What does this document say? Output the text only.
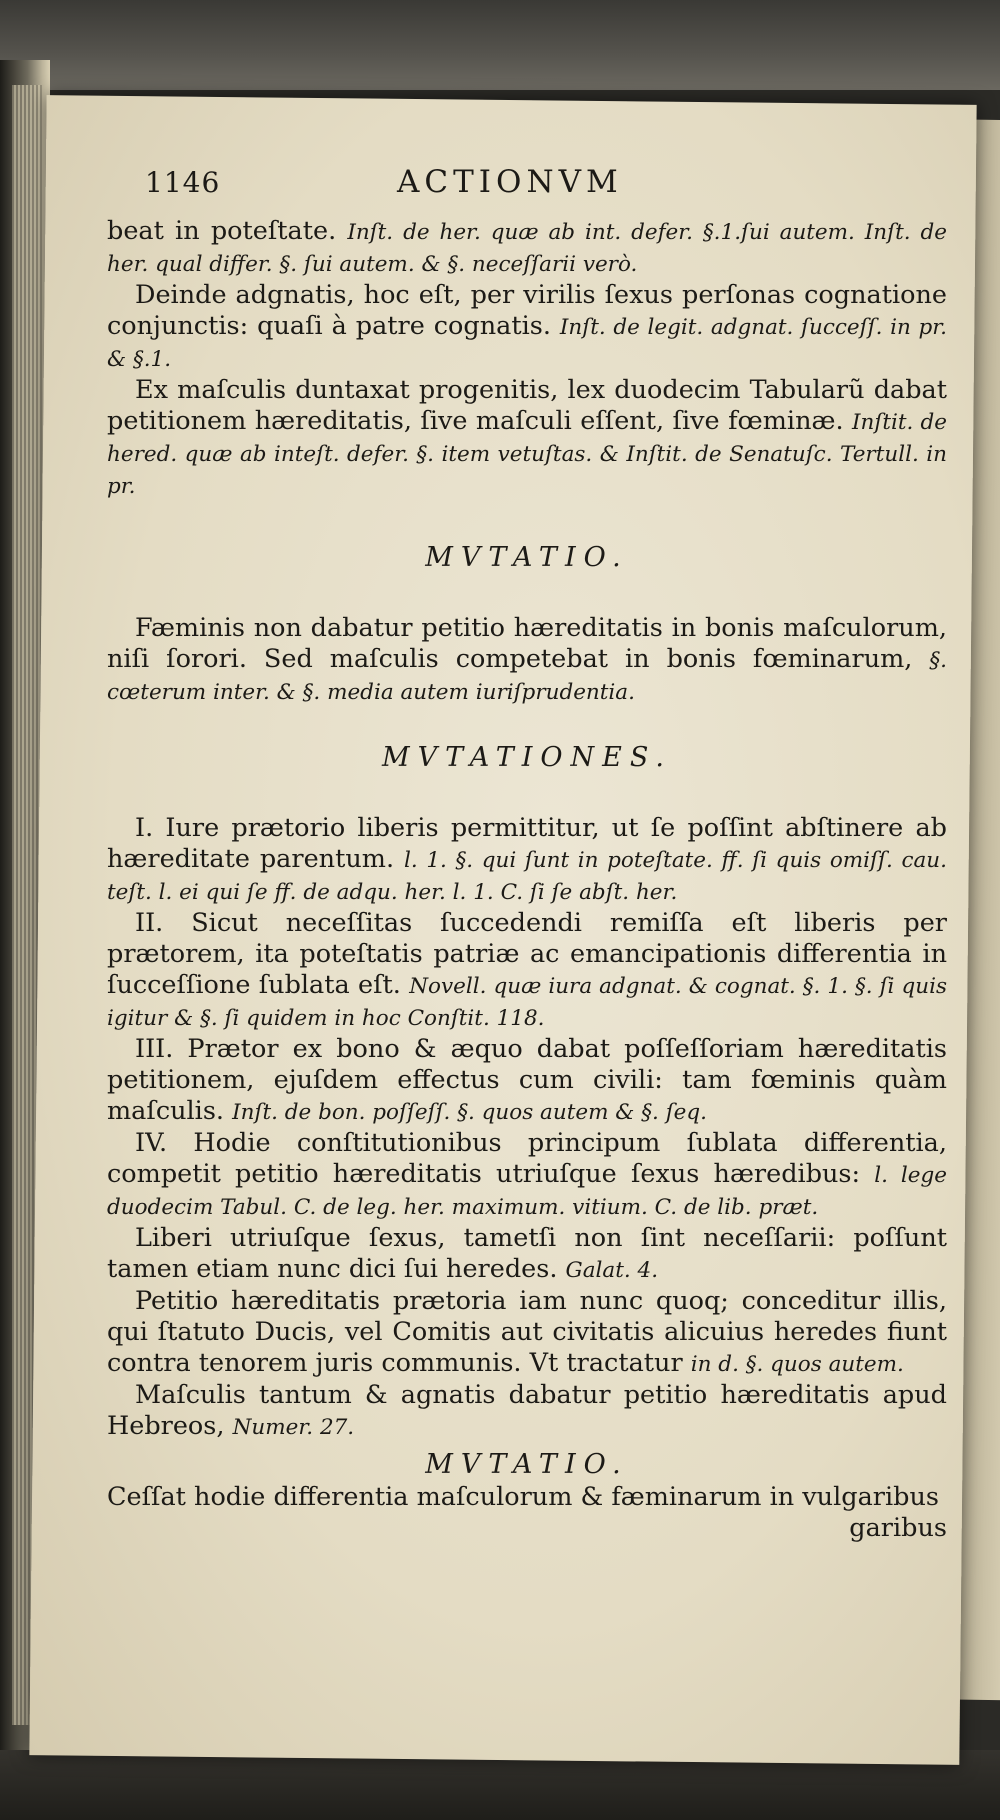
1146	ACTIONVM

beat in poteſtate. Inſt. de her. quæ ab int. defer. §.1.ſui autem. Inſt. de her. qual differ. §. ſui autem. & §. neceſſarii verò.

Deinde adgnatis, hoc eſt, per virilis ſexus perſonas cognatione conjunctis: quaſi à patre cognatis. Inſt. de legit. adgnat. ſucceſſ. in pr. & §.1.

Ex maſculis duntaxat progenitis, lex duodecim Tabularũ dabat petitionem hæreditatis, ſive maſculi eſſent, ſive fœminæ. Inſtit. de hered. quæ ab inteſt. defer. §. item vetuſtas. & Inſtit. de Senatuſc. Tertull. in pr.

MVTATIO.

Fæminis non dabatur petitio hæreditatis in bonis maſculorum, niſi ſorori. Sed maſculis competebat in bonis fœminarum, §. cœterum inter. & §. media autem iuriſprudentia.

MVTATIONES.

I. Iure prætorio liberis permittitur, ut ſe poſſint abſtinere ab hæreditate parentum. l. 1. §. qui ſunt in poteſtate. ff. ſi quis omiſſ. cau. teſt. l. ei qui ſe ff. de adqu. her. l. 1. C. ſi ſe abſt. her.

II. Sicut neceſſitas ſuccedendi remiſſa eſt liberis per prætorem, ita poteſtatis patriæ ac emancipationis differentia in ſucceſſione ſublata eſt. Novell. quæ iura adgnat. & cognat. §. 1. §. ſi quis igitur & §. ſi quidem in hoc Conſtit. 118.

III. Prætor ex bono & æquo dabat poſſeſſoriam hæreditatis petitionem, ejuſdem effectus cum civili: tam fœminis quàm maſculis. Inſt. de bon. poſſeſſ. §. quos autem & §. ſeq.

IV. Hodie conſtitutionibus principum ſublata differentia, competit petitio hæreditatis utriuſque ſexus hæredibus: l. lege duodecim Tabul. C. de leg. her. maximum. vitium. C. de lib. præt.

Liberi utriuſque ſexus, tametſi non ſint neceſſarii: poſſunt tamen etiam nunc dici ſui heredes. Galat. 4.

Petitio hæreditatis prætoria iam nunc quoq; conceditur illis, qui ſtatuto Ducis, vel Comitis aut civitatis alicuius heredes fiunt contra tenorem juris communis. Vt tractatur in d. §. quos autem.

Maſculis tantum & agnatis dabatur petitio hæreditatis apud Hebreos, Numer. 27.

MVTATIO.

Ceſſat hodie differentia maſculorum & fæminarum in vulgaribus

garibus
